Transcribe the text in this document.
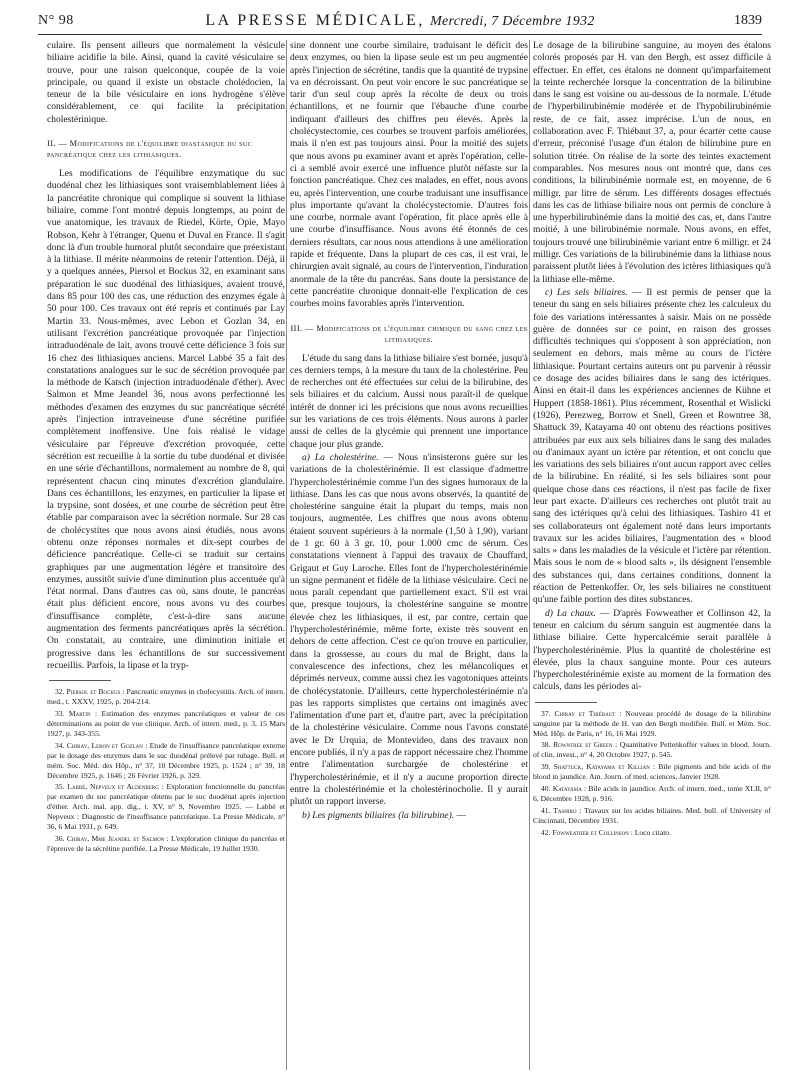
N° 98	LA PRESSE MÉDICALE, Mercredi, 7 Décembre 1932	1839

culaire. Ils pensent ailleurs que normalement la vésicule biliaire acidifie la bile. Ainsi, quand la cavité vésiculaire se trouve, pour une raison quelconque, coupée de la voie principale, ou quand il existe un obstacle cholédocien, la teneur de la bile vésiculaire en ions hydrogène s'élève considérablement, ce qui facilite la précipitation cholestérinique.

II. — Modifications de l'équilibre diastasique du suc pancréatique chez les lithiasiques.

Les modifications de l'équilibre enzymatique du suc duodénal chez les lithiasiques sont vraisemblablement liées à la pancréatite chronique qui complique si souvent la lithiase biliaire, comme l'ont montré depuis longtemps, au point de vue anatomique, les travaux de Riedel, Körte, Opie, Mayo Robson, Kehr à l'étranger, Quenu et Duval en France. Il s'agit donc là d'un trouble humoral plutôt secondaire que préexistant à la lithiase. Il mérite néanmoins de retenir l'attention. Déjà, il y a quelques années, Piersol et Bockus 32, en examinant sans préparation le suc duodénal des lithiasiques, avaient trouvé, dans 85 pour 100 des cas, une réduction des enzymes égale à 50 pour 100. Ces travaux ont été repris et continués par Lay Martin 33. Nous-mêmes, avec Lebon et Gozlan 34, en utilisant l'excrétion pancréatique provoquée par l'injection intraduodénale de lait, avons trouvé cette déficience 3 fois sur 16 chez des lithiasiques anciens. Marcel Labbé 35 a fait des constatations analogues sur le suc de sécrétion provoquée par la méthode de Katsch (injection intraduodénale d'éther). Avec Salmon et Mme Jeandel 36, nous avons perfectionné les méthodes d'examen des enzymes du suc pancréatique sécrété après l'injection intraveineuse d'une sécrétine purifiée complètement inoffensive. Une fois réalisé le vidage vésiculaire par l'épreuve d'excrétion provoquée, cette sécrétion est recueillie à la sortie du tube duodénal et divisée en une série d'échantillons, normalement au nombre de 8, qui représentent chacun cinq minutes d'excrétion glandulaire. Dans ces échantillons, les enzymes, en particulier la lipase et la trypsine, sont dosées, et une courbe de sécrétion peut être établie par comparaison avec la sécrétion normale. Sur 28 cas de cholécystites que nous avons ainsi étudiés, nous avons obtenu onze réponses normales et dix-sept courbes de déficience pancréatique. Celle-ci se traduit sur certains graphiques par une augmentation légère et transitoire des enzymes, aussitôt suivie d'une diminution plus accentuée qu'à l'état normal. Dans d'autres cas où, sans doute, le pancréas était plus déficient encore, nous avons vu des courbes d'insuffisance complète, c'est-à-dire sans aucune augmentation des ferments pancréatiques après la sécrétion. On constatait, au contraire, une diminution initiale et progressive dans les échantillons de sur successivement recueillis. Parfois, la lipase et la tryp-

32. Piersol et Bockus : Pancreatic enzymes in cholecystitis. Arch. of intern. med., t. XXXV, 1925, p. 204-214.
33. Martin : Estimation des enzymes pancréatiques et valeur de ces déterminations au point de vue clinique. Arch. of intern. med., p. 3, 15 Mars 1927, p. 343-355.
34. Chiray, Lebon et Gozlan : Etude de l'insuffisance pancréatique externe par le dosage des enzymes dans le suc duodénal prélevé par tubage. Bull. et mém. Soc. Méd. des Hôp., n° 37, 10 Décembre 1925, p. 1524 ; n° 39, 18 Décembre 1925, p. 1646 ; 26 Février 1926, p. 329.
35. Labbé, Nepveux et Aldenberg : Exploration fonctionnelle du pancréas par examen du suc pancréatique obtenu par le suc duodénal après injection d'éther. Arch. mal. app. dig., t. XV, n° 9, Novembre 1925. — Labbé et Nepveux : Diagnostic de l'insuffisance pancréatique. La Presse Médicale, n° 36, 6 Mai 1931, p. 649.
36. Chiray, Mme Jeandel et Salmon : L'exploration clinique du pancréas et l'épreuve de la sécrétine purifiée. La Presse Médicale, 19 Juillet 1930.

sine donnent une courbe similaire, traduisant le déficit des deux enzymes, ou bien la lipase seule est un peu augmentée après l'injection de sécrétine, tandis que la quantité de trypsine va en décroissant. On peut voir encore le suc pancréatique se tarir d'un seul coup après la récolte de deux ou trois échantillons, et ne fournir que l'ébauche d'une courbe indiquant d'ailleurs des chiffres peu élevés. Après la cholécystectomie, ces courbes se trouvent parfois améliorées, mais il n'en est pas toujours ainsi. Pour la moitié des sujets que nous avons pu examiner avant et après l'opération, celle-ci a semblé avoir exercé une influence plutôt néfaste sur la fonction pancréatique. Chez ces malades, en effet, nous avons eu, après l'intervention, une courbe traduisant une insuffisance plus importante qu'avant la cholécystectomie. D'autres fois une courbe, normale avant l'opération, fit place après elle à une courbe d'insuffisance. Nous avons été étonnés de ces derniers résultats, car nous nous attendions à une amélioration rapide et fréquente. Dans la plupart de ces cas, il est vrai, le chirurgien avait signalé, au cours de l'intervention, l'induration anormale de la tête du pancréas. Sans doute la persistance de cette pancréatite chronique donnait-elle l'explication de ces courbes moins favorables après l'intervention.

III. — Modifications de l'équilibre chimique du sang chez les lithiasiques.

L'étude du sang dans la lithiase biliaire s'est bornée, jusqu'à ces derniers temps, à la mesure du taux de la cholestérine. Peu de recherches ont été effectuées sur celui de la bilirubine, des sels biliaires et du calcium. Aussi nous paraît-il de quelque intérêt de donner ici les précisions que nous avons recueillies sur les variations de ces trois éléments. Nous aurons à parler aussi de celles de la glycémie qui prennent une importance chaque jour plus grande.

a) La cholestérine. — Nous n'insisterons guère sur les variations de la cholestérinémie. Il est classique d'admettre l'hypercholestérinémie comme l'un des signes humoraux de la lithiase. Dans les cas que nous avons observés, la quantité de cholestérine sanguine était la plupart du temps, mais non toujours, augmentée. Les chiffres que nous avons obtenu étaient souvent supérieurs à la normale (1,50 à 1,90), variant de 1 gr. 60 à 3 gr. 10, pour 1.000 cmc de sérum. Ces constatations viennent à l'appui des travaux de Chauffard, Grigaut et Guy Laroche. Elles font de l'hypercholestérinémie un signe permanent et fidèle de la lithiase vésiculaire. Ceci ne nous paraît cependant que partiellement exact. S'il est vrai que, presque toujours, la cholestérine sanguine se montre élevée chez les lithiasiques, il est, par contre, certain que l'hypercholestérinémie, même forte, existe très souvent en dehors de cette affection. C'est ce qu'on trouve en particulier, dans la grossesse, au cours du mal de Bright, dans la convalescence des infections, chez les mélancoliques et déprimés nerveux, comme aussi chez les vagotoniques atteints de cholécystatonie. D'ailleurs, cette hypercholestérinémie n'a pas les rapports simplistes que certains ont imaginés avec l'alimentation d'une part et, d'autre part, avec la précipitation de la cholestérine vésiculaire. Comme nous l'avons constaté avec le Dr Urquia, de Montevideo, dans des travaux non encore publiés, il n'y a pas de rapport nécessaire chez l'homme entre l'alimentation surchargée de cholestérine et l'hypercholestérinémie, et il n'y a aucune proportion directe entre la cholestérinémie et la cholestérinocholie. Il y aurait plutôt un rapport inverse.

b) Les pigments biliaires (la bilirubine). —

Le dosage de la bilirubine sanguine, au moyen des étalons colorés proposés par H. van den Bergh, est assez difficile à effectuer. En effet, ces étalons ne donnent qu'imparfaitement la teinte recherchée lorsque la concentration de la bilirubine dans le sang est voisine ou au-dessous de la normale. L'étude de l'hyperbilirubinémie modérée et de l'hypobilirubinémie reste, de ce fait, assez imprécise. L'un de nous, en collaboration avec F. Thiébaut 37, a, pour écarter cette cause d'erreur, préconisé l'usage d'un étalon de bilirubine pure en solution titrée. On réalise de la sorte des teintes exactement comparables. Nos mesures nous ont montré que, dans ces conditions, la bilirubinémie normale est, en moyenne, de 6 milligr. par litre de sérum. Les différents dosages effectués dans les cas de lithiase biliaire nous ont permis de conclure à une hyperbilirubinémie dans la moitié des cas, et, dans l'autre moitié, à une bilirubinémie normale. Nous avons, en effet, toujours trouvé une bilirubinémie variant entre 6 milligr. et 24 milligr. Ces variations de la bilirubinémie dans la lithiase nous paraissent plutôt liées à l'évolution des ictères lithiasiques qu'à la lithiase elle-même.

c) Les sels biliaires. — Il est permis de penser que la teneur du sang en sels biliaires présente chez les calculeux du foie des variations intéressantes à saisir. Mais on ne possède guère de données sur ce point, en raison des grosses difficultés techniques qui s'opposent à son appréciation, non seulement en dehors, mais même au cours de l'ictère lithiasique. Pourtant certains auteurs ont pu parvenir à réussir ce dosage des acides biliaires dans le sang des ictériques. Ainsi en était-il dans les expériences anciennes de Kühne et Huppert (1858-1861). Plus récemment, Rosenthal et Wislicki (1926), Perezweg, Borrow et Snell, Green et Rowntree 38, Shattuck 39, Katayama 40 ont obtenu des réactions positives attribuées par eux aux sels biliaires dans le sang des malades ou d'animaux ayant un ictère par rétention, et ont conclu que les variations des sels biliaires n'ont aucun rapport avec celles de la bilirubine. En réalité, si les sels biliaires sont pour quelque chose dans ces réactions, il n'est pas facile de fixer leur part exacte. D'ailleurs ces recherches ont plutôt trait au sang des ictériques qu'à celui des lithiasiques. Tashiro 41 et ses collaborateurs ont également noté dans leurs importants travaux sur les acides biliaires, l'augmentation des « blood salts » dans les maladies de la vésicule et l'ictère par rétention. Mais sous le nom de « blood salts », ils désignent l'ensemble des substances qui, dans certaines conditions, donnent la réaction de Pettenkoffer. Or, les sels biliaires ne constituent qu'une faible portion des dites substances.

d) La chaux. — D'après Fowweather et Collinson 42, la teneur en calcium du sérum sanguin est augmentée dans la lithiase biliaire. Cette hypercalcémie serait parallèle à l'hypercholestérinémie. Plus la quantité de cholestérine est élevée, plus la chaux sanguine monte. Pour ces auteurs l'hypercholestérinémie existe au moment de la formation des calculs, dans les périodes ai-

37. Chiray et Thiébaut : Nouveau procédé de dosage de la bilirubine sanguine par la méthode de H. van den Bergh modifiée. Bull. et Mém. Soc. Méd. Hôp. de Paris, n° 16, 16 Mai 1929.
38. Rowntree et Green : Quantitative Pettenkoffer values in blood. Journ. of clin. invest., n° 4, 20 Octobre 1927, p. 545.
39. Shattuck, Katayama et Killian : Bile pigments and bile acids of the blood in jaundice. Am. Journ. of med. sciences, Janvier 1928.
40. Katayama : Bile acids in jaundice. Arch. of intern. med., tome XLII, n° 6, Décembre 1928, p. 916.
41. Tashiro : Travaux sur les acides biliaires. Med. bull. of University of Cincinnati, Décembre 1931.
42. Fowweather et Collinson : Loco citato.
